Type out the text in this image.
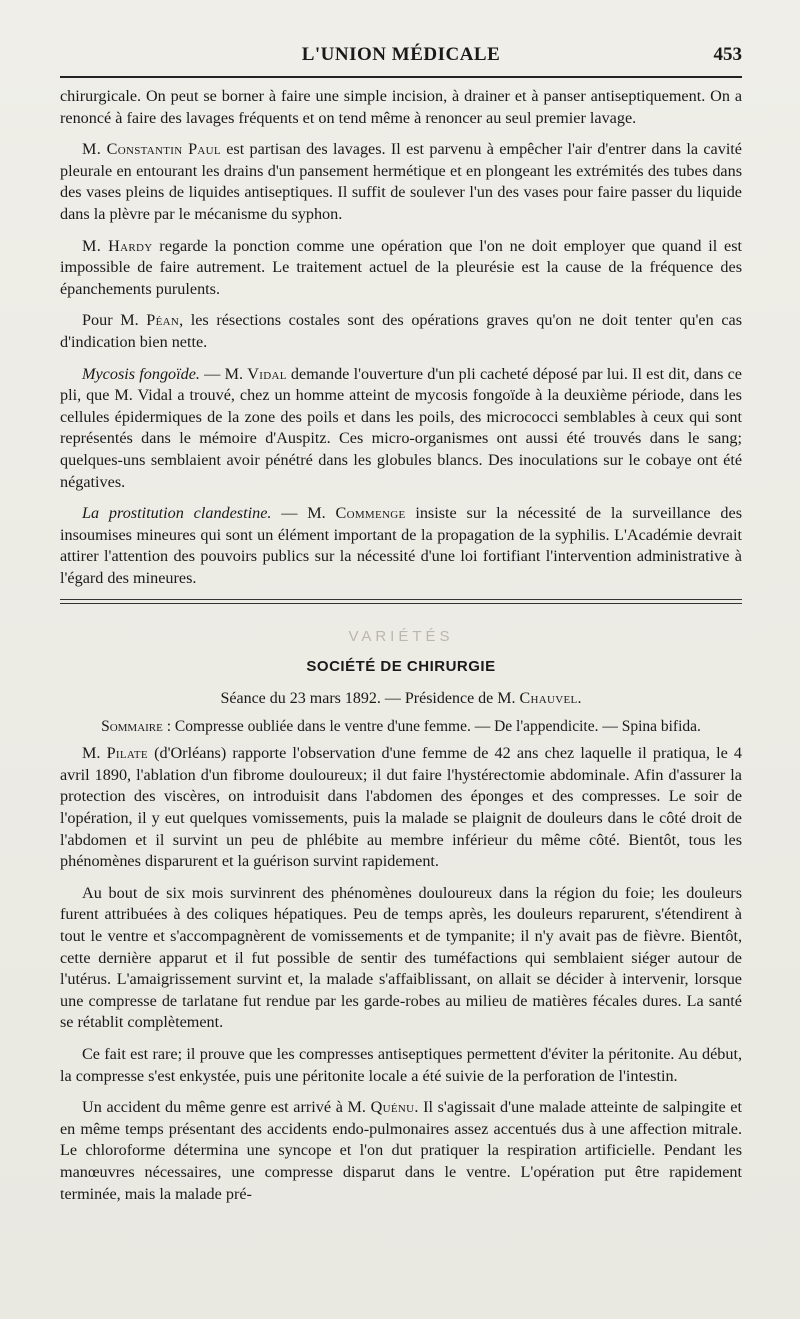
L'UNION MÉDICALE	453

chirurgicale. On peut se borner à faire une simple incision, à drainer et à panser antiseptiquement. On a renoncé à faire des lavages fréquents et on tend même à renoncer au seul premier lavage.

M. Constantin Paul est partisan des lavages. Il est parvenu à empêcher l'air d'entrer dans la cavité pleurale en entourant les drains d'un pansement hermétique et en plongeant les extrémités des tubes dans des vases pleins de liquides antiseptiques. Il suffit de soulever l'un des vases pour faire passer du liquide dans la plèvre par le mécanisme du syphon.

M. Hardy regarde la ponction comme une opération que l'on ne doit employer que quand il est impossible de faire autrement. Le traitement actuel de la pleurésie est la cause de la fréquence des épanchements purulents.

Pour M. Péan, les résections costales sont des opérations graves qu'on ne doit tenter qu'en cas d'indication bien nette.

Mycosis fongoïde. — M. Vidal demande l'ouverture d'un pli cacheté déposé par lui. Il est dit, dans ce pli, que M. Vidal a trouvé, chez un homme atteint de mycosis fongoïde à la deuxième période, dans les cellules épidermiques de la zone des poils et dans les poils, des micrococci semblables à ceux qui sont représentés dans le mémoire d'Auspitz. Ces micro-organismes ont aussi été trouvés dans le sang; quelques-uns semblaient avoir pénétré dans les globules blancs. Des inoculations sur le cobaye ont été négatives.

La prostitution clandestine. — M. Commenge insiste sur la nécessité de la surveillance des insoumises mineures qui sont un élément important de la propagation de la syphilis. L'Académie devrait attirer l'attention des pouvoirs publics sur la nécessité d'une loi fortifiant l'intervention administrative à l'égard des mineures.

VARIÉTÉS
SOCIÉTÉ DE CHIRURGIE
Séance du 23 mars 1892. — Présidence de M. Chauvel.
Sommaire : Compresse oubliée dans le ventre d'une femme. — De l'appendicite. — Spina bifida.

M. Pilate (d'Orléans) rapporte l'observation d'une femme de 42 ans chez laquelle il pratiqua, le 4 avril 1890, l'ablation d'un fibrome douloureux; il dut faire l'hystérectomie abdominale. Afin d'assurer la protection des viscères, on introduisit dans l'abdomen des éponges et des compresses. Le soir de l'opération, il y eut quelques vomissements, puis la malade se plaignit de douleurs dans le côté droit de l'abdomen et il survint un peu de phlébite au membre inférieur du même côté. Bientôt, tous les phénomènes disparurent et la guérison survint rapidement.

Au bout de six mois survinrent des phénomènes douloureux dans la région du foie; les douleurs furent attribuées à des coliques hépatiques. Peu de temps après, les douleurs reparurent, s'étendirent à tout le ventre et s'accompagnèrent de vomissements et de tympanite; il n'y avait pas de fièvre. Bientôt, cette dernière apparut et il fut possible de sentir des tuméfactions qui semblaient siéger autour de l'utérus. L'amaigrissement survint et, la malade s'affaiblissant, on allait se décider à intervenir, lorsque une compresse de tarlatane fut rendue par les garde-robes au milieu de matières fécales dures. La santé se rétablit complètement.

Ce fait est rare; il prouve que les compresses antiseptiques permettent d'éviter la péritonite. Au début, la compresse s'est enkystée, puis une péritonite locale a été suivie de la perforation de l'intestin.

Un accident du même genre est arrivé à M. Quénu. Il s'agissait d'une malade atteinte de salpingite et en même temps présentant des accidents endo-pulmonaires assez accentués dus à une affection mitrale. Le chloroforme détermina une syncope et l'on dut pratiquer la respiration artificielle. Pendant les manœuvres nécessaires, une compresse disparut dans le ventre. L'opération put être rapidement terminée, mais la malade pré-
